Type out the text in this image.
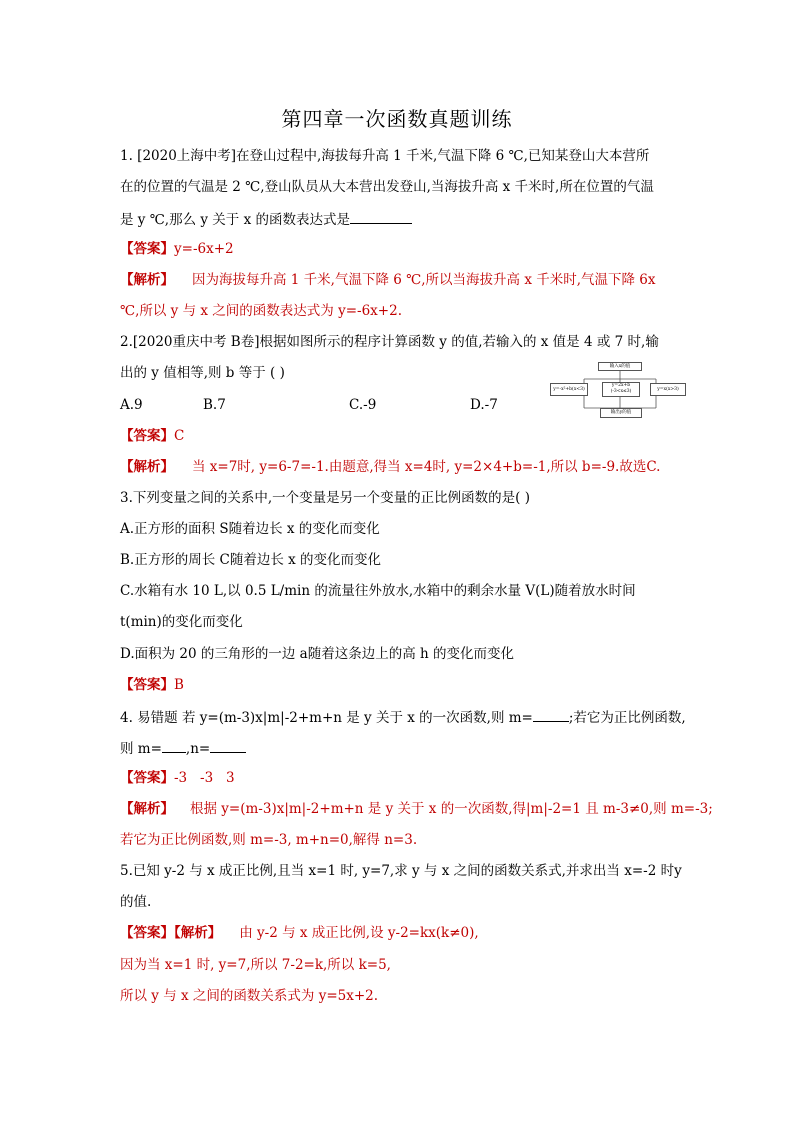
第四章一次函数真题训练
1. [2020上海中考]在登山过程中,海拔每升高 1 千米,气温下降 6 ℃,已知某登山大本营所
在的位置的气温是 2 ℃,登山队员从大本营出发登山,当海拔升高 x 千米时,所在位置的气温
是 y ℃,那么 y 关于 x 的函数表达式是
【答案】y=-6x+2
【解析】 因为海拔每升高 1 千米,气温下降 6 ℃,所以当海拔升高 x 千米时,气温下降 6x
℃,所以 y 与 x 之间的函数表达式为 y=-6x+2.
2.[2020重庆中考 B卷]根据如图所示的程序计算函数 y 的值,若输入的 x 值是 4 或 7 时,输
出的 y 值相等,则 b 等于 ( )
A.9	B.7	C.-9	D.-7
输入x的值
y=-x²+b(x<3)
y=2x+b (-3<x≤3)	y=x(x>3)
输出y的值
【答案】C
【解析】 当 x=7时, y=6-7=-1.由题意,得当 x=4时, y=2×4+b=-1,所以 b=-9.故选C.
3.下列变量之间的关系中,一个变量是另一个变量的正比例函数的是( )
A.正方形的面积 S随着边长 x 的变化而变化
B.正方形的周长 C随着边长 x 的变化而变化
C.水箱有水 10 L,以 0.5 L/min 的流量往外放水,水箱中的剩余水量 V(L)随着放水时间
t(min)的变化而变化
D.面积为 20 的三角形的一边 a随着这条边上的高 h 的变化而变化
【答案】B
4. 易错题 若 y=(m-3)x|m|-2+m+n 是 y 关于 x 的一次函数,则 m=	;若它为正比例函数,
则 m= ,n=
【答案】-3   -3   3
【解析】 根据 y=(m-3)x|m|-2+m+n 是 y 关于 x 的一次函数,得|m|-2=1 且 m-3≠0,则 m=-3;
若它为正比例函数,则 m=-3, m+n=0,解得 n=3.
5.已知 y-2 与 x 成正比例,且当 x=1 时, y=7,求 y 与 x 之间的函数关系式,并求出当 x=-2 时y
的值.
【答案】【解析】 由 y-2 与 x 成正比例,设 y-2=kx(k≠0),
因为当 x=1 时, y=7,所以 7-2=k,所以 k=5,
所以 y 与 x 之间的函数关系式为 y=5x+2.
